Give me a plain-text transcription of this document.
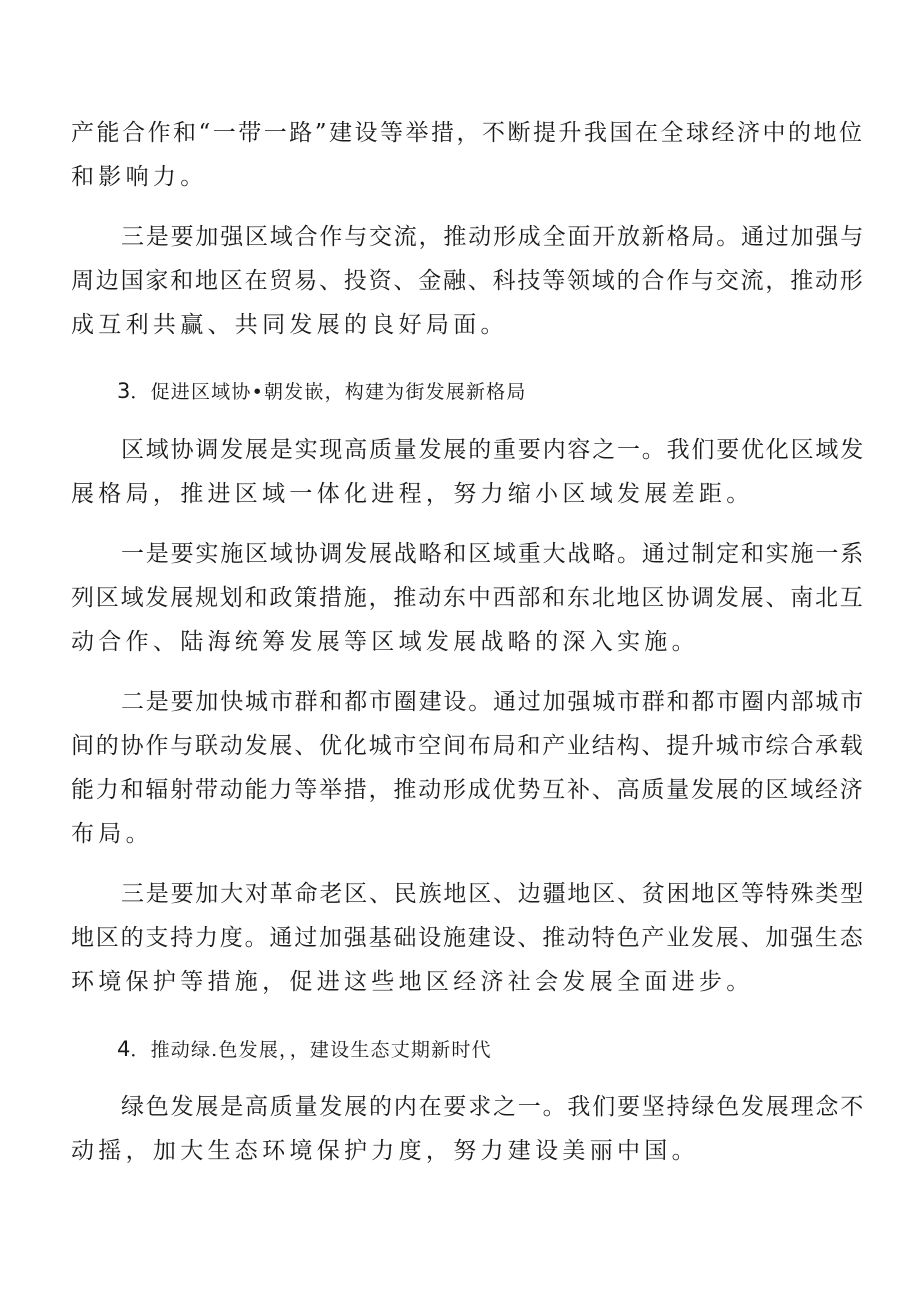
产能合作和“一带一路”建设等举措，不断提升我国在全球经济中的地位
和影响力。
三是要加强区域合作与交流，推动形成全面开放新格局。通过加强与
周边国家和地区在贸易、投资、金融、科技等领域的合作与交流，推动形
成互利共赢、共同发展的良好局面。
3．促进区域协•朝发嵌，构建为街发展新格局
区域协调发展是实现高质量发展的重要内容之一。我们要优化区域发
展格局，推进区域一体化进程，努力缩小区域发展差距。
一是要实施区域协调发展战略和区域重大战略。通过制定和实施一系
列区域发展规划和政策措施，推动东中西部和东北地区协调发展、南北互
动合作、陆海统筹发展等区域发展战略的深入实施。
二是要加快城市群和都市圈建设。通过加强城市群和都市圈内部城市
间的协作与联动发展、优化城市空间布局和产业结构、提升城市综合承载
能力和辐射带动能力等举措，推动形成优势互补、高质量发展的区域经济
布局。
三是要加大对革命老区、民族地区、边疆地区、贫困地区等特殊类型
地区的支持力度。通过加强基础设施建设、推动特色产业发展、加强生态
环境保护等措施，促进这些地区经济社会发展全面进步。
4．推动绿.色发展，，建设生态丈期新时代
绿色发展是高质量发展的内在要求之一。我们要坚持绿色发展理念不
动摇，加大生态环境保护力度，努力建设美丽中国。
